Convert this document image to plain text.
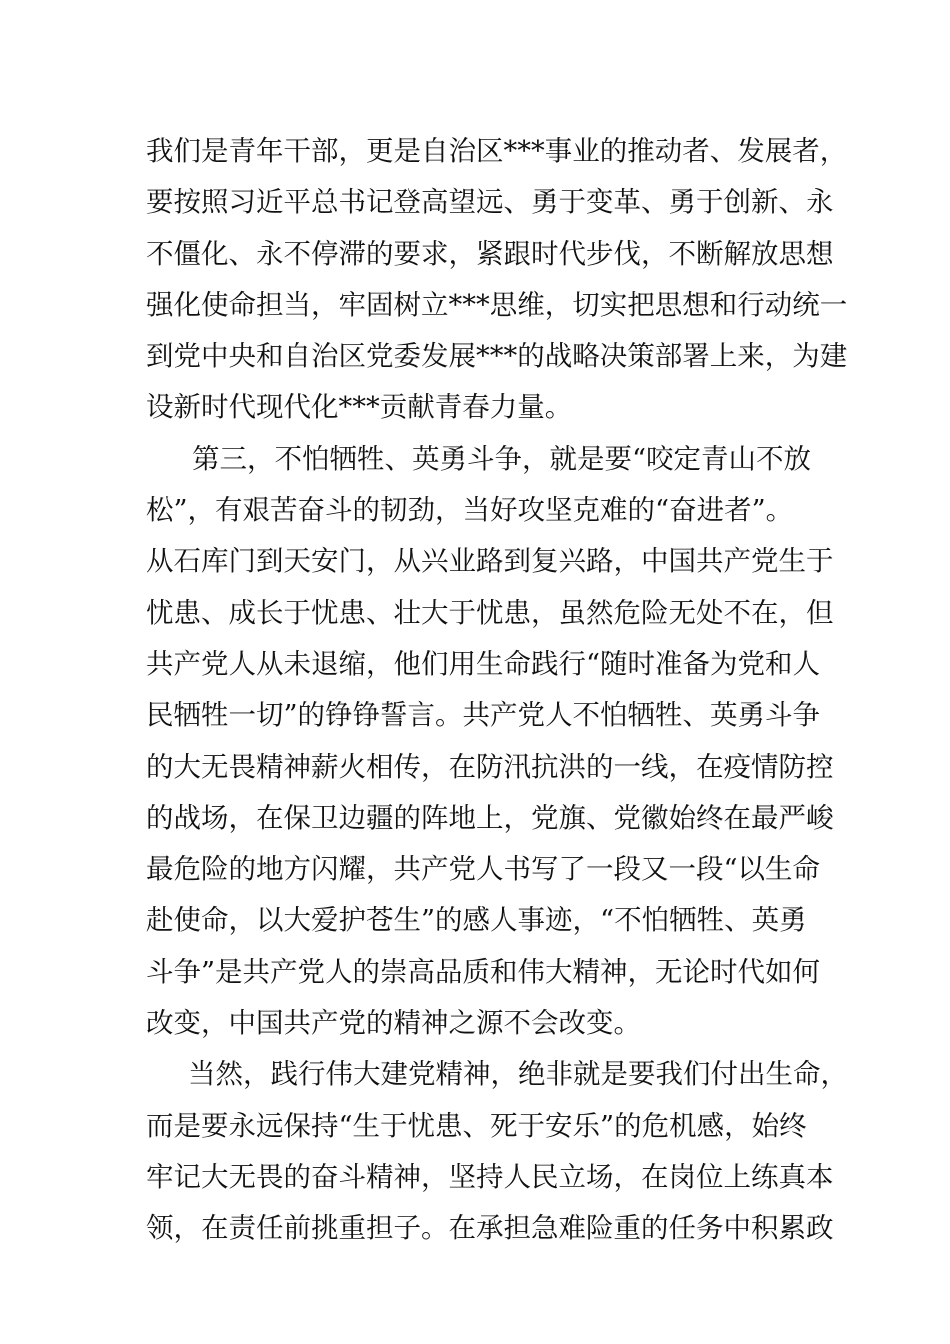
我们是青年干部，更是自治区***事业的推动者、发展者，
要按照习近平总书记登高望远、勇于变革、勇于创新、永
不僵化、永不停滞的要求，紧跟时代步伐，不断解放思想
强化使命担当，牢固树立***思维，切实把思想和行动统一
到党中央和自治区党委发展***的战略决策部署上来，为建
设新时代现代化***贡献青春力量。
第三，不怕牺牲、英勇斗争，就是要“咬定青山不放
松”，有艰苦奋斗的韧劲，当好攻坚克难的“奋进者”。
从石库门到天安门，从兴业路到复兴路，中国共产党生于
忧患、成长于忧患、壮大于忧患，虽然危险无处不在，但
共产党人从未退缩，他们用生命践行“随时准备为党和人
民牺牲一切”的铮铮誓言。共产党人不怕牺牲、英勇斗争
的大无畏精神薪火相传，在防汛抗洪的一线，在疫情防控
的战场，在保卫边疆的阵地上，党旗、党徽始终在最严峻
最危险的地方闪耀，共产党人书写了一段又一段“以生命
赴使命，以大爱护苍生”的感人事迹，“不怕牺牲、英勇
斗争”是共产党人的崇高品质和伟大精神，无论时代如何
改变，中国共产党的精神之源不会改变。
当然，践行伟大建党精神，绝非就是要我们付出生命，
而是要永远保持“生于忧患、死于安乐”的危机感，始终
牢记大无畏的奋斗精神，坚持人民立场，在岗位上练真本
领，在责任前挑重担子。在承担急难险重的任务中积累政
